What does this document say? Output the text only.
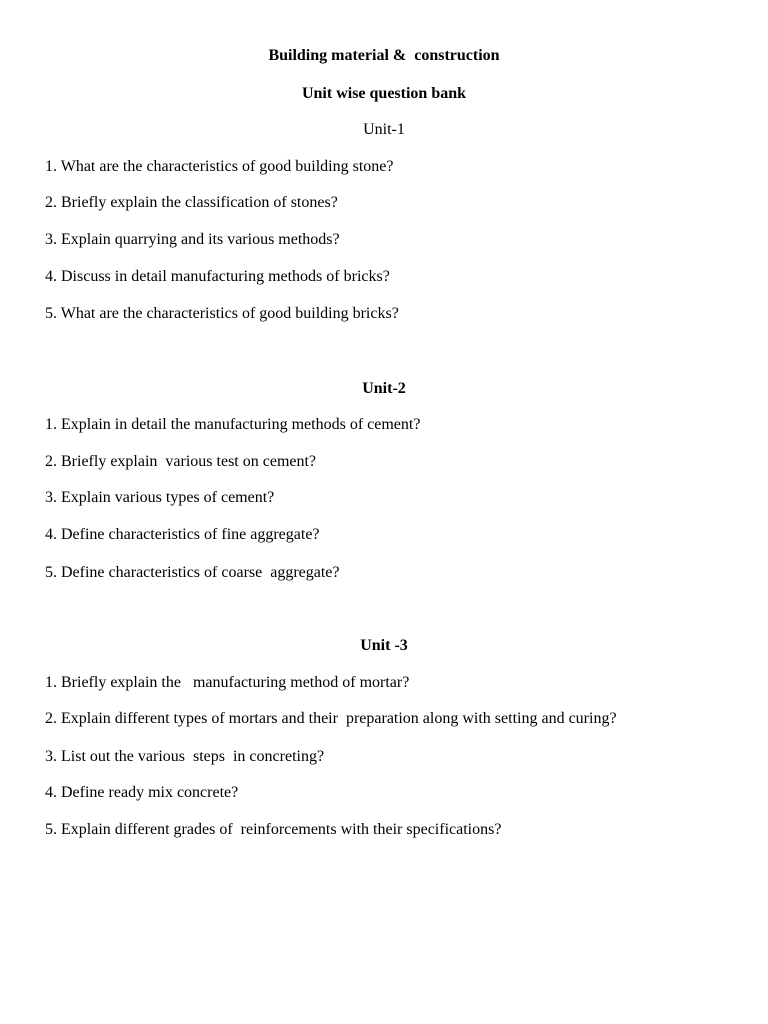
Building material &  construction
Unit wise question bank
Unit-1
1. What are the characteristics of good building stone?
2. Briefly explain the classification of stones?
3. Explain quarrying and its various methods?
4. Discuss in detail manufacturing methods of bricks?
5. What are the characteristics of good building bricks?
Unit-2
1. Explain in detail the manufacturing methods of cement?
2. Briefly explain  various test on cement?
3. Explain various types of cement?
4. Define characteristics of fine aggregate?
5. Define characteristics of coarse  aggregate?
Unit -3
1. Briefly explain the   manufacturing method of mortar?
2. Explain different types of mortars and their  preparation along with setting and curing?
3. List out the various  steps  in concreting?
4. Define ready mix concrete?
5. Explain different grades of  reinforcements with their specifications?
